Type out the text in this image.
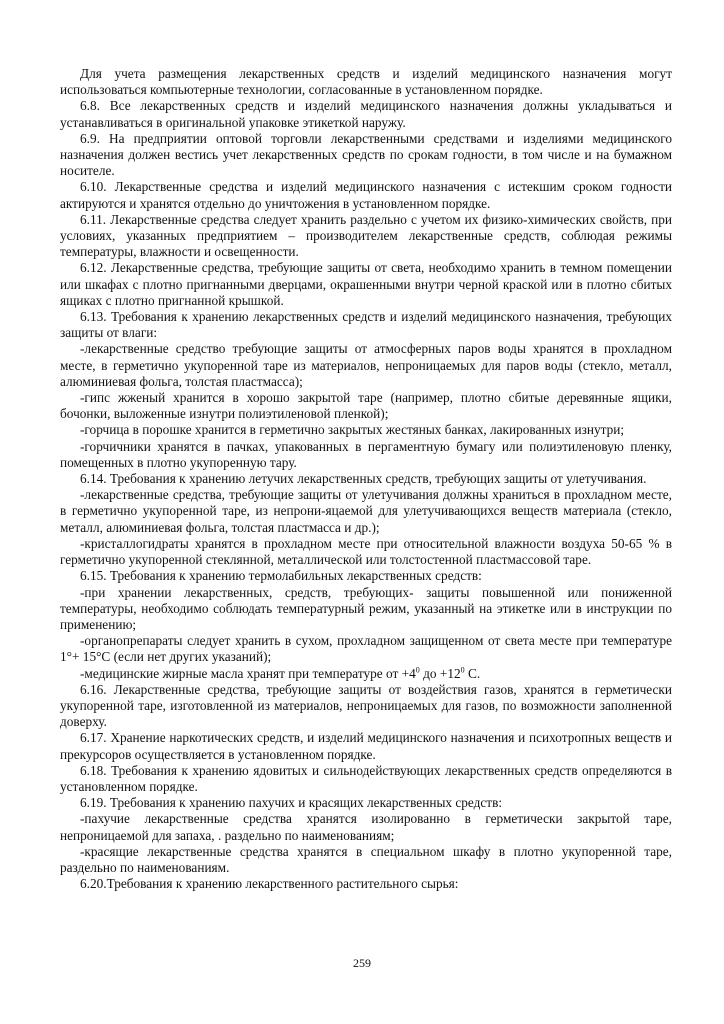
Для учета размещения лекарственных средств и изделий медицинского назначения могут использоваться компьютерные технологии, согласованные в установленном порядке.

6.8. Все лекарственных средств и изделий медицинского назначения должны укладываться и устанавливаться в оригинальной упаковке этикеткой наружу.

6.9. На предприятии оптовой торговли лекарственными средствами и изделиями медицинского назначения должен вестись учет лекарственных средств по срокам годности, в том числе и на бумажном носителе.

6.10. Лекарственные средства и изделий медицинского назначения с истекшим сроком годности актируются и хранятся отдельно до уничтожения в установленном порядке.

6.11. Лекарственные средства следует хранить раздельно с учетом их физико-химических свойств, при условиях, указанных предприятием – производителем лекарственные средств, соблюдая режимы температуры, влажности и освещенности.

6.12. Лекарственные средства, требующие защиты от света, необходимо хранить в темном помещении или шкафах с плотно пригнанными дверцами, окрашенными внутри черной краской или в плотно сбитых ящиках с плотно пригнанной крышкой.

6.13. Требования к хранению лекарственных средств и изделий медицинского назначения, требующих защиты от влаги:

-лекарственные средство требующие защиты от атмосферных паров воды хранятся в прохладном месте, в герметично укупоренной таре из материалов, непроницаемых для паров воды (стекло, металл, алюминиевая фольга, толстая пластмасса);

-гипс жженый хранится в хорошо закрытой таре (например, плотно сбитые деревянные ящики, бочонки, выложенные изнутри полиэтиленовой пленкой);

-горчица в порошке хранится в герметично закрытых жестяных банках, лакированных изнутри;

-горчичники хранятся в пачках, упакованных в пергаментную бумагу или полиэтиленовую пленку, помещенных в плотно укупоренную тару.

6.14. Требования к хранению летучих лекарственных средств, требующих защиты от улетучивания.

-лекарственные средства, требующие защиты от улетучивания должны храниться в прохладном месте, в герметично укупоренной таре, из непрони-яцаемой для улетучивающихся веществ материала (стекло, металл, алюминиевая фольга, толстая пластмасса и др.);

-кристаллогидраты хранятся в прохладном месте при относительной влажности воздуха 50-65 % в герметично укупоренной стеклянной, металлической или толстостенной пластмассовой таре.

6.15. Требования к хранению термолабильных лекарственных средств:

-при хранении лекарственных, средств, требующих- защиты повышенной или пониженной температуры, необходимо соблюдать температурный режим, указанный на этикетке или в инструкции по применению;

-органопрепараты следует хранить в сухом, прохладном защищенном от света месте при температуре 1°+ 15°С (если нет других указаний);

-медицинские жирные масла хранят при температуре от $+4^0$ до $+12^0$ С.

6.16. Лекарственные средства, требующие защиты от воздействия газов, хранятся в герметически укупоренной таре, изготовленной из материалов, непроницаемых для газов, по возможности заполненной доверху.

6.17. Хранение наркотических средств, и изделий медицинского назначения и психотропных веществ и прекурсоров осуществляется в установленном порядке.

6.18. Требования к хранению ядовитых и сильнодействующих лекарственных средств определяются в установленном порядке.

6.19. Требования к хранению пахучих и красящих лекарственных средств:

-пахучие лекарственные средства хранятся изолированно в герметически закрытой таре, непроницаемой для запаха, . раздельно по наименованиям;

-красящие лекарственные средства хранятся в специальном шкафу в плотно укупоренной таре, раздельно по наименованиям.

6.20.Требования к хранению лекарственного растительного сырья:

259
